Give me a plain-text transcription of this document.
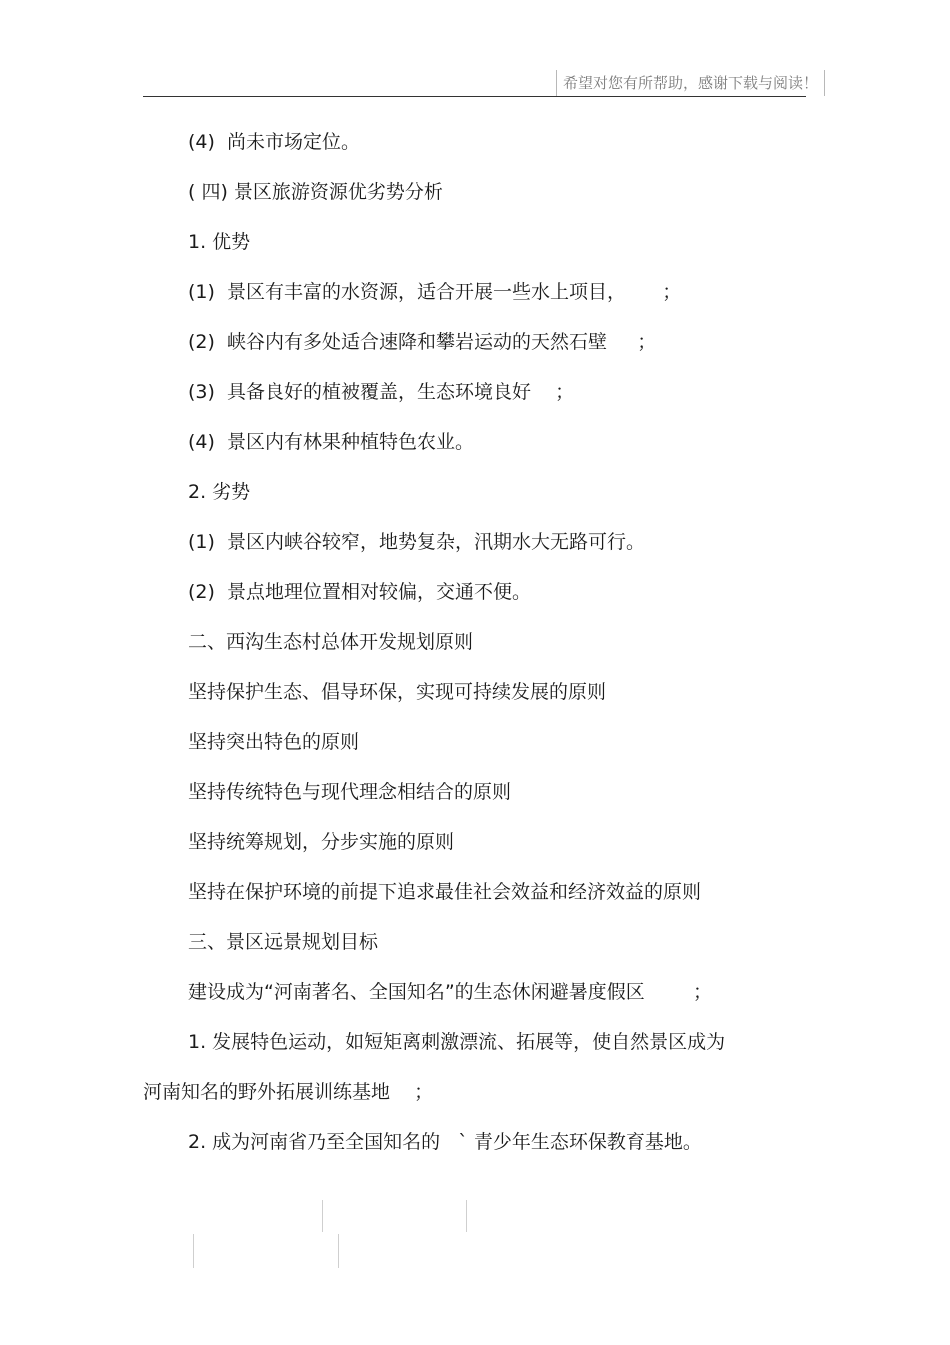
希望对您有所帮助，感谢下载与阅读！
(4)  尚未市场定位。
( 四) 景区旅游资源优劣势分析
1. 优势
(1)  景区有丰富的水资源，适合开展一些水上项目，      ；
(2)  峡谷内有多处适合速降和攀岩运动的天然石壁     ；
(3)  具备良好的植被覆盖，生态环境良好    ；
(4)  景区内有林果种植特色农业。
2. 劣势
(1)  景区内峡谷较窄，地势复杂，汛期水大无路可行。
(2)  景点地理位置相对较偏，交通不便。
二、西沟生态村总体开发规划原则
坚持保护生态、倡导环保，实现可持续发展的原则
坚持突出特色的原则
坚持传统特色与现代理念相结合的原则
坚持统筹规划，分步实施的原则
坚持在保护环境的前提下追求最佳社会效益和经济效益的原则
三、景区远景规划目标
建设成为“河南著名、全国知名”的生态休闲避暑度假区        ；
1. 发展特色运动，如短矩离刺激漂流、拓展等，使自然景区成为
河南知名的野外拓展训练基地    ；
2. 成为河南省乃至全国知名的   ` 青少年生态环保教育基地。
